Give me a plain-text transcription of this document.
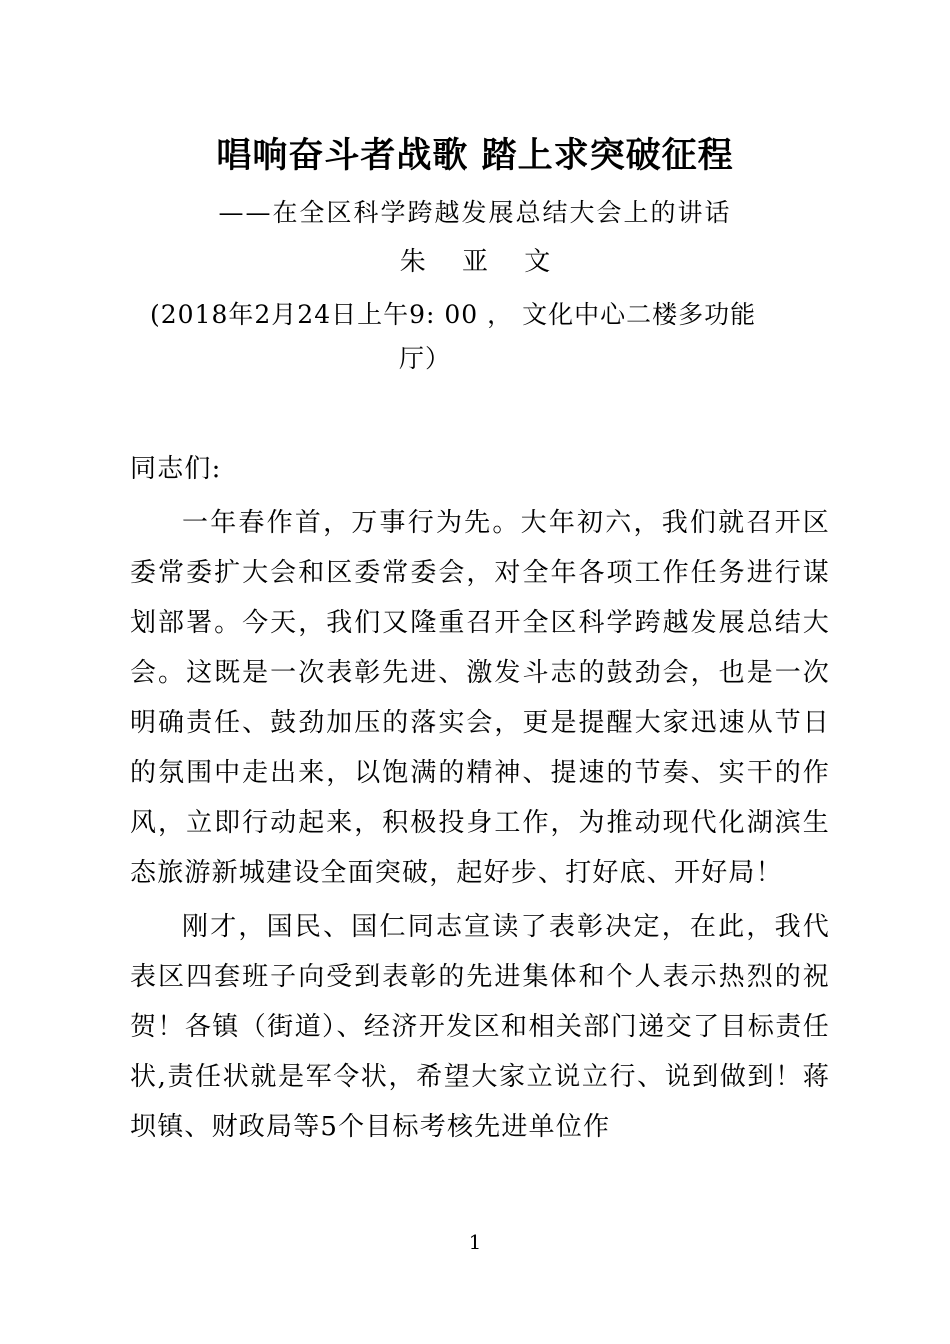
唱响奋斗者战歌 踏上求突破征程
——在全区科学跨越发展总结大会上的讲话
朱 亚 文
(2018年2月24日上午9: 00 ， 文化中心二楼多功能
厅）

同志们:

一年春作首，万事行为先。大年初六，我们就召开区委常委扩大会和区委常委会，对全年各项工作任务进行谋划部署。今天，我们又隆重召开全区科学跨越发展总结大会。这既是一次表彰先进、激发斗志的鼓劲会，也是一次明确责任、鼓劲加压的落实会，更是提醒大家迅速从节日的氛围中走出来，以饱满的精神、提速的节奏、实干的作风，立即行动起来，积极投身工作，为推动现代化湖滨生态旅游新城建设全面突破，起好步、打好底、开好局！

刚才，国民、国仁同志宣读了表彰决定，在此，我代表区四套班子向受到表彰的先进集体和个人表示热烈的祝贺！各镇（街道）、经济开发区和相关部门递交了目标责任状,责任状就是军令状，希望大家立说立行、说到做到！蒋坝镇、财政局等5个目标考核先进单位作

1
